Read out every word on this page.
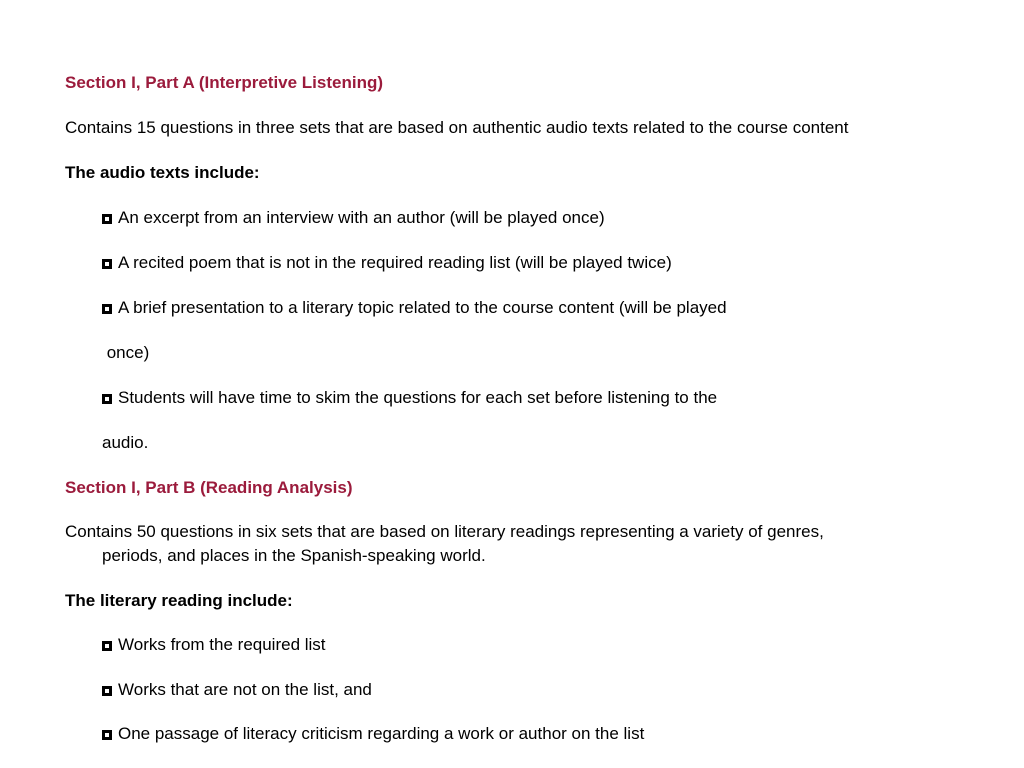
Section I, Part A (Interpretive Listening)
Contains 15 questions in three sets that are based on authentic audio texts related to the course content
The audio texts include:
An excerpt from an interview with an author (will be played once)
A recited poem that is not in the required reading list (will be played twice)
A brief presentation to a literary topic related to the course content (will be played
once)
Students will have time to skim the questions for each set before listening to the
audio.
Section I, Part B (Reading Analysis)
Contains 50 questions in six sets that are based on literary readings representing a variety of genres,
periods, and places in the Spanish-speaking world.
The literary reading include:
Works from the required list
Works that are not on the list, and
One passage of literacy criticism regarding a work or author on the list
